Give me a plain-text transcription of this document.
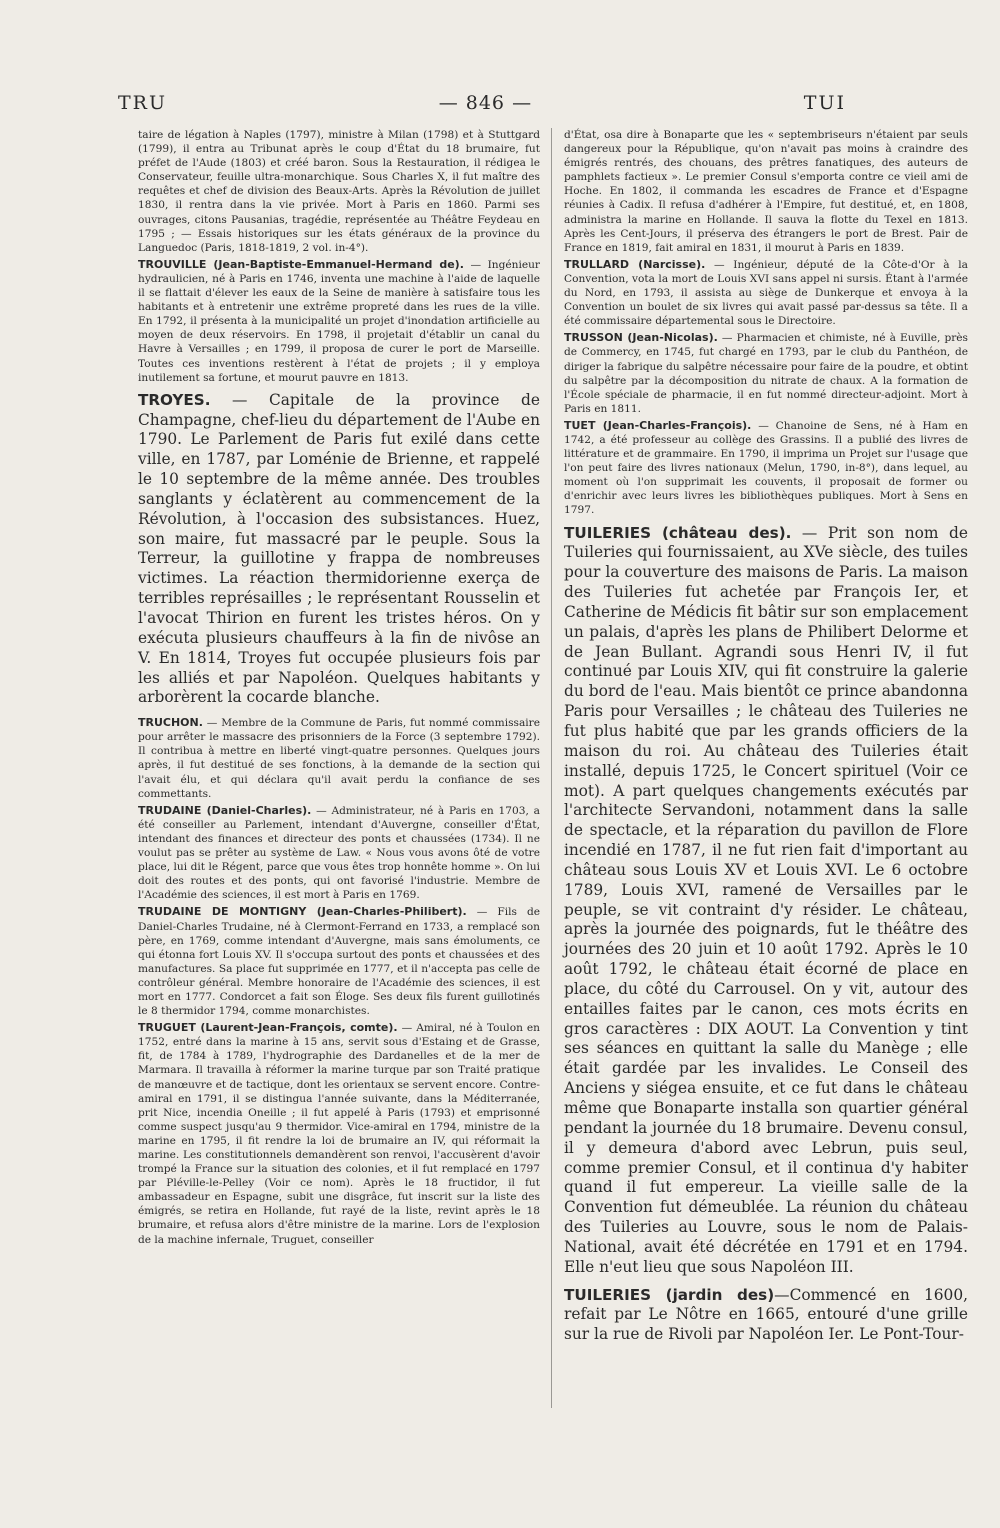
TRU	— 846 —	TUI

taire de légation à Naples (1797), ministre à Milan (1798) et à Stuttgard (1799), il entra au Tribunat après le coup d'État du 18 brumaire, fut préfet de l'Aude (1803) et créé baron. Sous la Restauration, il rédigea le Conservateur, feuille ultra-monarchique. Sous Charles X, il fut maître des requêtes et chef de division des Beaux-Arts. Après la Révolution de juillet 1830, il rentra dans la vie privée. Mort à Paris en 1860. Parmi ses ouvrages, citons Pausanias, tragédie, représentée au Théâtre Feydeau en 1795 ; — Essais historiques sur les états généraux de la province du Languedoc (Paris, 1818-1819, 2 vol. in-4°).

TROUVILLE (Jean-Baptiste-Emmanuel-Hermand de). — Ingénieur hydraulicien, né à Paris en 1746, inventa une machine à l'aide de laquelle il se flattait d'élever les eaux de la Seine de manière à satisfaire tous les habitants et à entretenir une extrême propreté dans les rues de la ville. En 1792, il présenta à la municipalité un projet d'inondation artificielle au moyen de deux réservoirs. En 1798, il projetait d'établir un canal du Havre à Versailles ; en 1799, il proposa de curer le port de Marseille. Toutes ces inventions restèrent à l'état de projets ; il y employa inutilement sa fortune, et mourut pauvre en 1813.

TROYES. — Capitale de la province de Champagne, chef-lieu du département de l'Aube en 1790. Le Parlement de Paris fut exilé dans cette ville, en 1787, par Loménie de Brienne, et rappelé le 10 septembre de la même année. Des troubles sanglants y éclatèrent au commencement de la Révolution, à l'occasion des subsistances. Huez, son maire, fut massacré par le peuple. Sous la Terreur, la guillotine y frappa de nombreuses victimes. La réaction thermidorienne exerça de terribles représailles ; le représentant Rousselin et l'avocat Thirion en furent les tristes héros. On y exécuta plusieurs chauffeurs à la fin de nivôse an V. En 1814, Troyes fut occupée plusieurs fois par les alliés et par Napoléon. Quelques habitants y arborèrent la cocarde blanche.

TRUCHON. — Membre de la Commune de Paris, fut nommé commissaire pour arrêter le massacre des prisonniers de la Force (3 septembre 1792). Il contribua à mettre en liberté vingt-quatre personnes. Quelques jours après, il fut destitué de ses fonctions, à la demande de la section qui l'avait élu, et qui déclara qu'il avait perdu la confiance de ses commettants.

TRUDAINE (Daniel-Charles). — Administrateur, né à Paris en 1703, a été conseiller au Parlement, intendant d'Auvergne, conseiller d'État, intendant des finances et directeur des ponts et chaussées (1734). Il ne voulut pas se prêter au système de Law. « Nous vous avons ôté de votre place, lui dit le Régent, parce que vous êtes trop honnête homme ». On lui doit des routes et des ponts, qui ont favorisé l'industrie. Membre de l'Académie des sciences, il est mort à Paris en 1769.

TRUDAINE DE MONTIGNY (Jean-Charles-Philibert). — Fils de Daniel-Charles Trudaine, né à Clermont-Ferrand en 1733, a remplacé son père, en 1769, comme intendant d'Auvergne, mais sans émoluments, ce qui étonna fort Louis XV. Il s'occupa surtout des ponts et chaussées et des manufactures. Sa place fut supprimée en 1777, et il n'accepta pas celle de contrôleur général. Membre honoraire de l'Académie des sciences, il est mort en 1777. Condorcet a fait son Éloge. Ses deux fils furent guillotinés le 8 thermidor 1794, comme monarchistes.

TRUGUET (Laurent-Jean-François, comte). — Amiral, né à Toulon en 1752, entré dans la marine à 15 ans, servit sous d'Estaing et de Grasse, fit, de 1784 à 1789, l'hydrographie des Dardanelles et de la mer de Marmara. Il travailla à réformer la marine turque par son Traité pratique de manœuvre et de tactique, dont les orientaux se servent encore. Contre-amiral en 1791, il se distingua l'année suivante, dans la Méditerranée, prit Nice, incendia Oneille ; il fut appelé à Paris (1793) et emprisonné comme suspect jusqu'au 9 thermidor. Vice-amiral en 1794, ministre de la marine en 1795, il fit rendre la loi de brumaire an IV, qui réformait la marine. Les constitutionnels demandèrent son renvoi, l'accusèrent d'avoir trompé la France sur la situation des colonies, et il fut remplacé en 1797 par Pléville-le-Pelley (Voir ce nom). Après le 18 fructidor, il fut ambassadeur en Espagne, subit une disgrâce, fut inscrit sur la liste des émigrés, se retira en Hollande, fut rayé de la liste, revint après le 18 brumaire, et refusa alors d'être ministre de la marine. Lors de l'explosion de la machine infernale, Truguet, conseiller

d'État, osa dire à Bonaparte que les « septembriseurs n'étaient par seuls dangereux pour la République, qu'on n'avait pas moins à craindre des émigrés rentrés, des chouans, des prêtres fanatiques, des auteurs de pamphlets factieux ». Le premier Consul s'emporta contre ce vieil ami de Hoche. En 1802, il commanda les escadres de France et d'Espagne réunies à Cadix. Il refusa d'adhérer à l'Empire, fut destitué, et, en 1808, administra la marine en Hollande. Il sauva la flotte du Texel en 1813. Après les Cent-Jours, il préserva des étrangers le port de Brest. Pair de France en 1819, fait amiral en 1831, il mourut à Paris en 1839.

TRULLARD (Narcisse). — Ingénieur, député de la Côte-d'Or à la Convention, vota la mort de Louis XVI sans appel ni sursis. Étant à l'armée du Nord, en 1793, il assista au siège de Dunkerque et envoya à la Convention un boulet de six livres qui avait passé par-dessus sa tête. Il a été commissaire départemental sous le Directoire.

TRUSSON (Jean-Nicolas). — Pharmacien et chimiste, né à Euville, près de Commercy, en 1745, fut chargé en 1793, par le club du Panthéon, de diriger la fabrique du salpêtre nécessaire pour faire de la poudre, et obtint du salpêtre par la décomposition du nitrate de chaux. A la formation de l'École spéciale de pharmacie, il en fut nommé directeur-adjoint. Mort à Paris en 1811.

TUET (Jean-Charles-François). — Chanoine de Sens, né à Ham en 1742, a été professeur au collège des Grassins. Il a publié des livres de littérature et de grammaire. En 1790, il imprima un Projet sur l'usage que l'on peut faire des livres nationaux (Melun, 1790, in-8°), dans lequel, au moment où l'on supprimait les couvents, il proposait de former ou d'enrichir avec leurs livres les bibliothèques publiques. Mort à Sens en 1797.

TUILERIES (château des). — Prit son nom de Tuileries qui fournissaient, au XVe siècle, des tuiles pour la couverture des maisons de Paris. La maison des Tuileries fut achetée par François Ier, et Catherine de Médicis fit bâtir sur son emplacement un palais, d'après les plans de Philibert Delorme et de Jean Bullant. Agrandi sous Henri IV, il fut continué par Louis XIV, qui fit construire la galerie du bord de l'eau. Mais bientôt ce prince abandonna Paris pour Versailles ; le château des Tuileries ne fut plus habité que par les grands officiers de la maison du roi. Au château des Tuileries était installé, depuis 1725, le Concert spirituel (Voir ce mot). A part quelques changements exécutés par l'architecte Servandoni, notamment dans la salle de spectacle, et la réparation du pavillon de Flore incendié en 1787, il ne fut rien fait d'important au château sous Louis XV et Louis XVI. Le 6 octobre 1789, Louis XVI, ramené de Versailles par le peuple, se vit contraint d'y résider. Le château, après la journée des poignards, fut le théâtre des journées des 20 juin et 10 août 1792. Après le 10 août 1792, le château était écorné de place en place, du côté du Carrousel. On y vit, autour des entailles faites par le canon, ces mots écrits en gros caractères : DIX AOUT. La Convention y tint ses séances en quittant la salle du Manège ; elle était gardée par les invalides. Le Conseil des Anciens y siégea ensuite, et ce fut dans le château même que Bonaparte installa son quartier général pendant la journée du 18 brumaire. Devenu consul, il y demeura d'abord avec Lebrun, puis seul, comme premier Consul, et il continua d'y habiter quand il fut empereur. La vieille salle de la Convention fut démeublée. La réunion du château des Tuileries au Louvre, sous le nom de Palais-National, avait été décrétée en 1791 et en 1794. Elle n'eut lieu que sous Napoléon III.

TUILERIES (jardin des)—Commencé en 1600, refait par Le Nôtre en 1665, entouré d'une grille sur la rue de Rivoli par Napoléon Ier. Le Pont-Tour-
